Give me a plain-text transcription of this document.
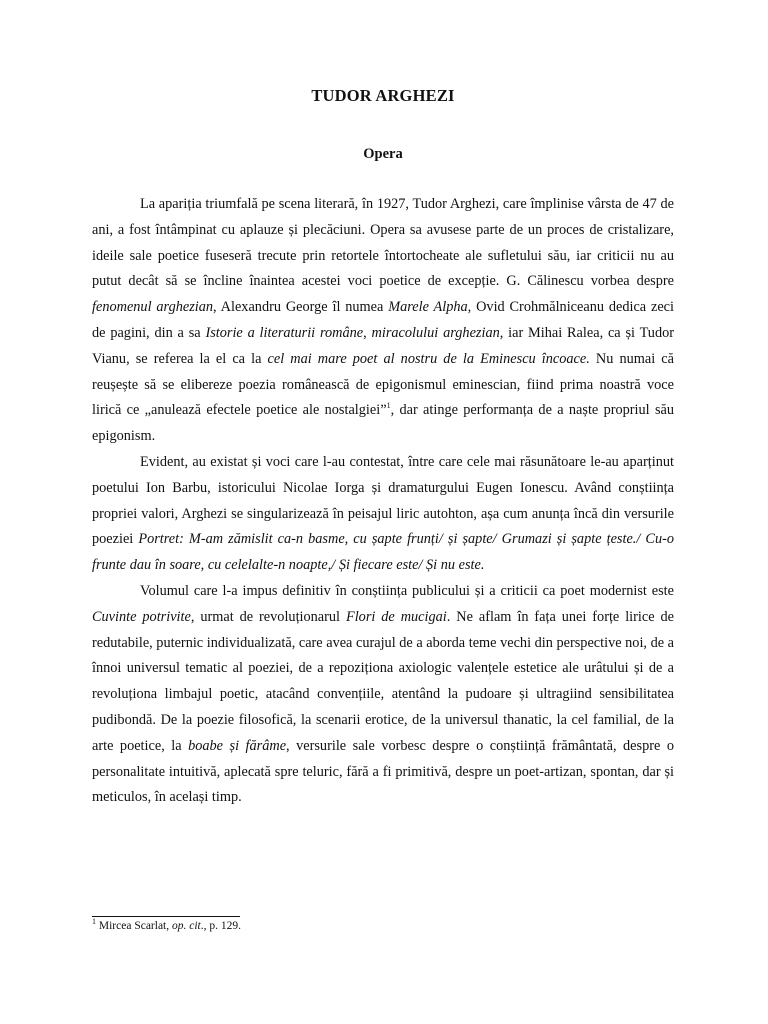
TUDOR ARGHEZI
Opera

La apariția triumfală pe scena literară, în 1927, Tudor Arghezi, care împlinise vârsta de 47 de ani, a fost întâmpinat cu aplauze și plecăciuni. Opera sa avusese parte de un proces de cristalizare, ideile sale poetice fuseseră trecute prin retortele întortocheate ale sufletului său, iar criticii nu au putut decât să se încline înaintea acestei voci poetice de excepție. G. Călinescu vorbea despre fenomenul arghezian, Alexandru George îl numea Marele Alpha, Ovid Crohmălniceanu dedica zeci de pagini, din a sa Istorie a literaturii române, miracolului arghezian, iar Mihai Ralea, ca și Tudor Vianu, se referea la el ca la cel mai mare poet al nostru de la Eminescu încoace. Nu numai că reușește să se elibereze poezia românească de epigonismul eminescian, fiind prima noastră voce lirică ce „anulează efectele poetice ale nostalgiei”$^1$, dar atinge performanța de a naște propriul său epigonism.

Evident, au existat și voci care l-au contestat, între care cele mai răsunătoare le-au aparținut poetului Ion Barbu, istoricului Nicolae Iorga și dramaturgului Eugen Ionescu. Având conștiința propriei valori, Arghezi se singularizează în peisajul liric autohton, așa cum anunța încă din versurile poeziei Portret: M-am zămislit ca-n basme, cu șapte frunți/ și șapte/ Grumazi și șapte țeste./ Cu-o frunte dau în soare, cu celelalte-n noapte,/ Și fiecare este/ Și nu este.

Volumul care l-a impus definitiv în conștiința publicului și a criticii ca poet modernist este Cuvinte potrivite, urmat de revoluționarul Flori de mucigai. Ne aflam în fața unei forțe lirice de redutabile, puternic individualizată, care avea curajul de a aborda teme vechi din perspective noi, de a înnoi universul tematic al poeziei, de a repoziționa axiologic valențele estetice ale urâtului și de a revoluționa limbajul poetic, atacând convențiile, atentând la pudoare și ultragiind sensibilitatea pudibondă. De la poezie filosofică, la scenarii erotice, de la universul thanatic, la cel familial, de la arte poetice, la boabe și fărâme, versurile sale vorbesc despre o conștiință frământată, despre o personalitate intuitivă, aplecată spre teluric, fără a fi primitivă, despre un poet-artizan, spontan, dar și meticulos, în același timp.

$^1$ Mircea Scarlat, op. cit., p. 129.
